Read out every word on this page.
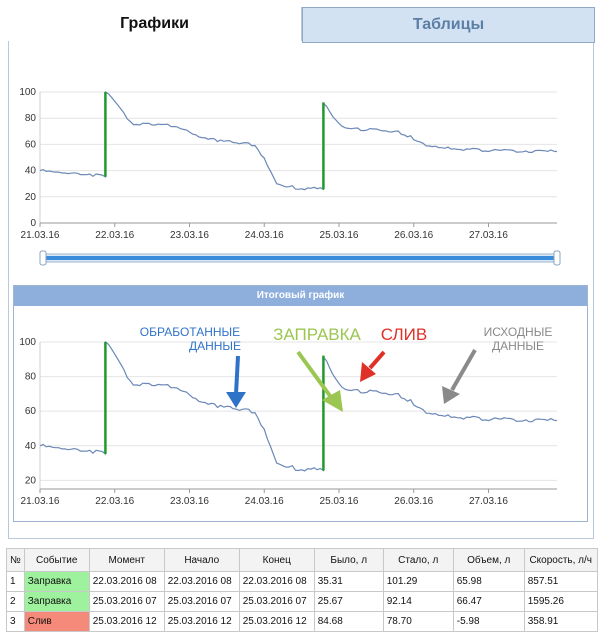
Графики	Таблицы
0
20
40
60
80
100
21.03.16	22.03.16	23.03.16	24.03.16	25.03.16	26.03.16	27.03.16
Итоговый график
20
40
60
80
100
21.03.16	22.03.16	23.03.16	24.03.16	25.03.16	26.03.16	27.03.16
ОБРАБОТАННЫЕ
ДАННЫЕ
ЗАПРАВКА СЛИВ	ИСХОДНЫЕ
ДАННЫЕ
№	Событие	Момент	Начало	Конец	Было, л	Стало, л	Объем, л	Скорость, л/ч
1	Заправка	22.03.2016 08	22.03.2016 08	22.03.2016 08	35.31	101.29	65.98	857.51
2	Заправка	25.03.2016 07	25.03.2016 07	25.03.2016 07	25.67	92.14	66.47	1595.26
3	Слив	25.03.2016 12	25.03.2016 12	25.03.2016 12	84.68	78.70	-5.98	358.91
